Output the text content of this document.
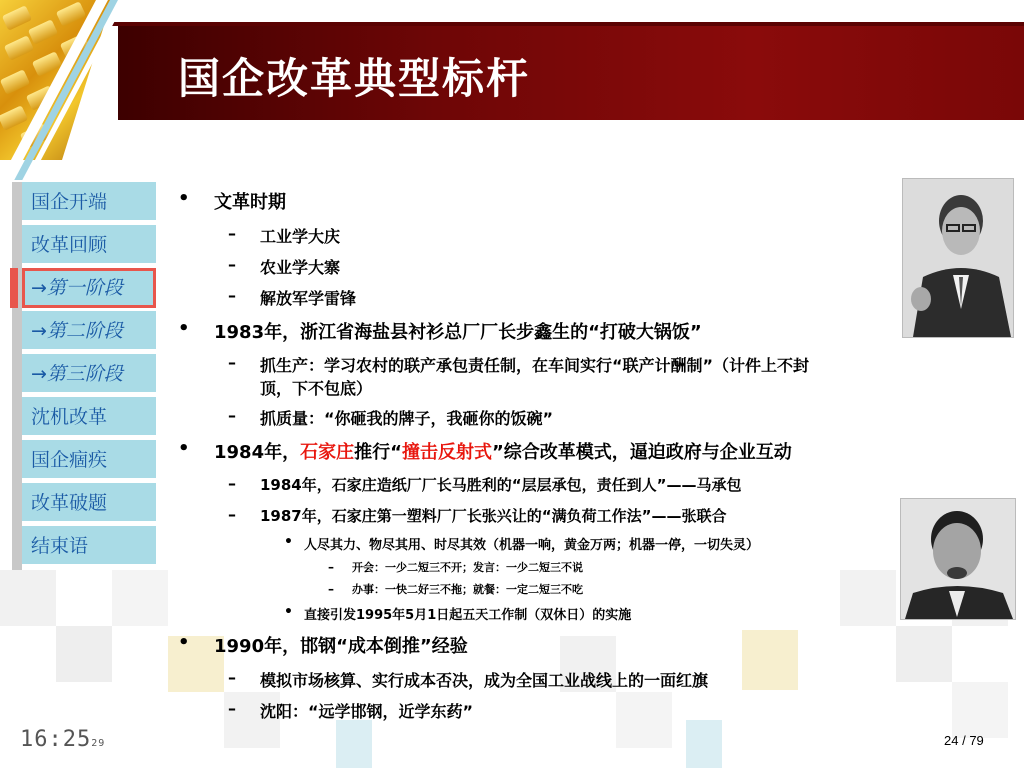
国企改革典型标杆
国企开端
改革回顾
→第一阶段
→第二阶段
→第三阶段
沈机改革
国企痼疾
改革破题
结束语
• 文革时期
– 工业学大庆
– 农业学大寨
– 解放军学雷锋
• 1983年，浙江省海盐县衬衫总厂厂长步鑫生的“打破大锅饭”
– 抓生产：学习农村的联产承包责任制，在车间实行“联产计酬制”（计件上不封
顶，下不包底）
– 抓质量：“你砸我的牌子，我砸你的饭碗”
• 1984年，石家庄推行“撞击反射式”综合改革模式，逼迫政府与企业互动
– 1984年，石家庄造纸厂厂长马胜利的“层层承包，责任到人”——马承包
– 1987年，石家庄第一塑料厂厂长张兴让的“满负荷工作法”——张联合
• 人尽其力、物尽其用、时尽其效（机器一响，黄金万两；机器一停，一切失灵）
– 开会：一少二短三不开；发言：一少二短三不说
– 办事：一快二好三不拖；就餐：一定二短三不吃
• 直接引发1995年5月1日起五天工作制（双休日）的实施
• 1990年，邯钢“成本倒推”经验
– 模拟市场核算、实行成本否决，成为全国工业战线上的一面红旗
– 沈阳：“远学邯钢，近学东药”
16:2529	24 / 79
